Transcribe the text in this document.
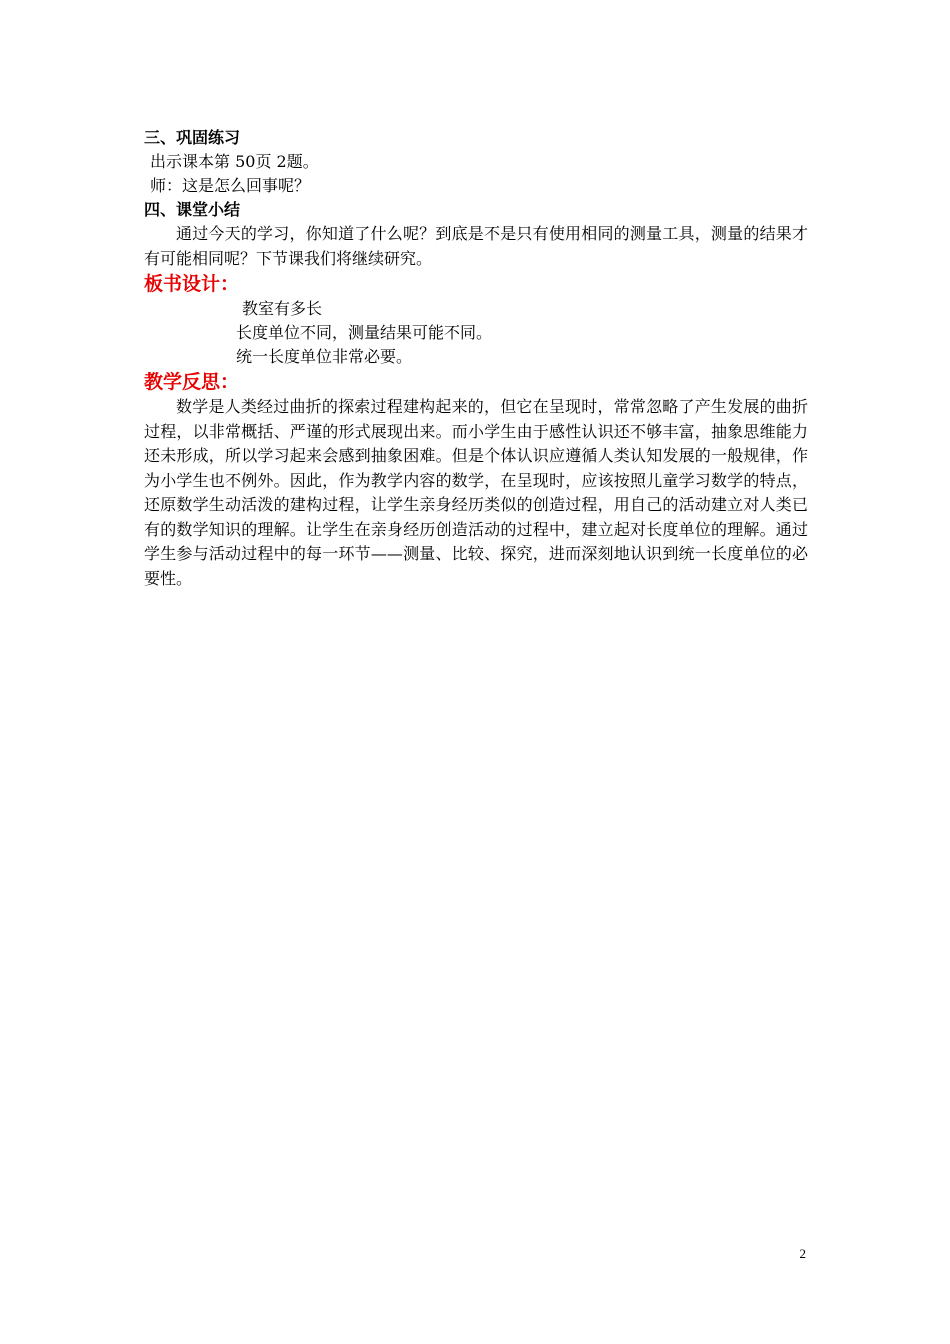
三、巩固练习
出示课本第 50页 2题。
师：这是怎么回事呢？
四、课堂小结

通过今天的学习，你知道了什么呢？到底是不是只有使用相同的测量工具，测量的结果才有可能相同呢？下节课我们将继续研究。

板书设计：
教室有多长
长度单位不同，测量结果可能不同。
统一长度单位非常必要。
教学反思：

数学是人类经过曲折的探索过程建构起来的，但它在呈现时，常常忽略了产生发展的曲折过程，以非常概括、严谨的形式展现出来。而小学生由于感性认识还不够丰富，抽象思维能力还未形成，所以学习起来会感到抽象困难。但是个体认识应遵循人类认知发展的一般规律，作为小学生也不例外。因此，作为教学内容的数学，在呈现时，应该按照儿童学习数学的特点，还原数学生动活泼的建构过程，让学生亲身经历类似的创造过程，用自己的活动建立对人类已有的数学知识的理解。让学生在亲身经历创造活动的过程中，建立起对长度单位的理解。通过学生参与活动过程中的每一环节——测量、比较、探究，进而深刻地认识到统一长度单位的必要性。

2
